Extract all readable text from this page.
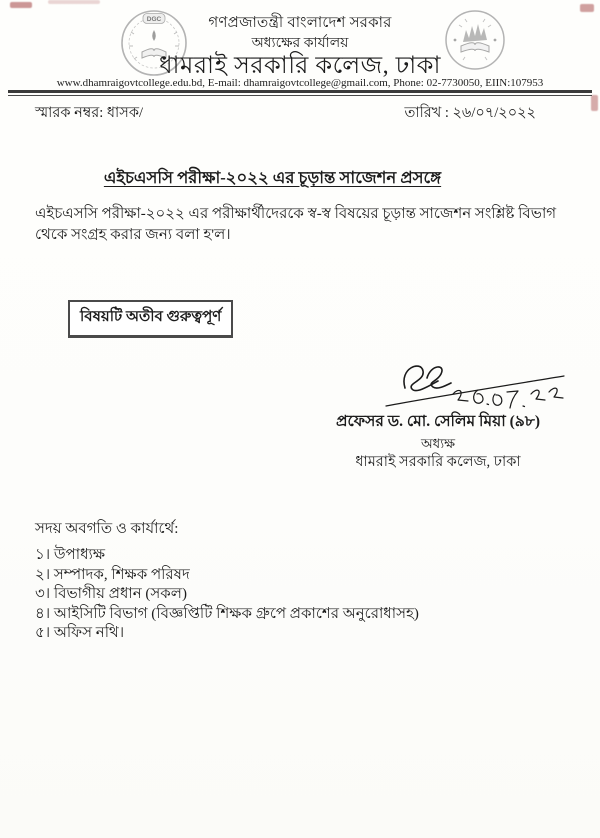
DGC	গণপ্রজাতন্ত্রী বাংলাদেশ সরকার
অধ্যক্ষের কার্যালয়
ধামরাই সরকারি কলেজ, ঢাকা
www.dhamraigovtcollege.edu.bd, E-mail: dhamraigovtcollege@gmail.com, Phone: 02-7730050, EIIN:107953
স্মারক নম্বর: ধাসক/	তারিখ : ২৬/০৭/২০২২
এইচএসসি পরীক্ষা-২০২২ এর চূড়ান্ত সাজেশন প্রসঙ্গে
এইচএসসি পরীক্ষা-২০২২ এর পরীক্ষার্থীদেরকে স্ব-স্ব বিষয়ের চূড়ান্ত সাজেশন সংশ্লিষ্ট বিভাগ থেকে সংগ্রহ করার জন্য বলা হ'ল।
বিষয়টি অতীব গুরুত্বপূর্ণ
প্রফেসর ড. মো. সেলিম মিয়া (৯৮)
অধ্যক্ষ
ধামরাই সরকারি কলেজ, ঢাকা
সদয় অবগতি ও কার্যার্থে:
১। উপাধ্যক্ষ
২। সম্পাদক, শিক্ষক পরিষদ
৩। বিভাগীয় প্রধান (সকল)
৪। আইসিটি বিভাগ (বিজ্ঞপ্তিটি শিক্ষক গ্রুপে প্রকাশের অনুরোধাসহ)
৫। অফিস নথি।
